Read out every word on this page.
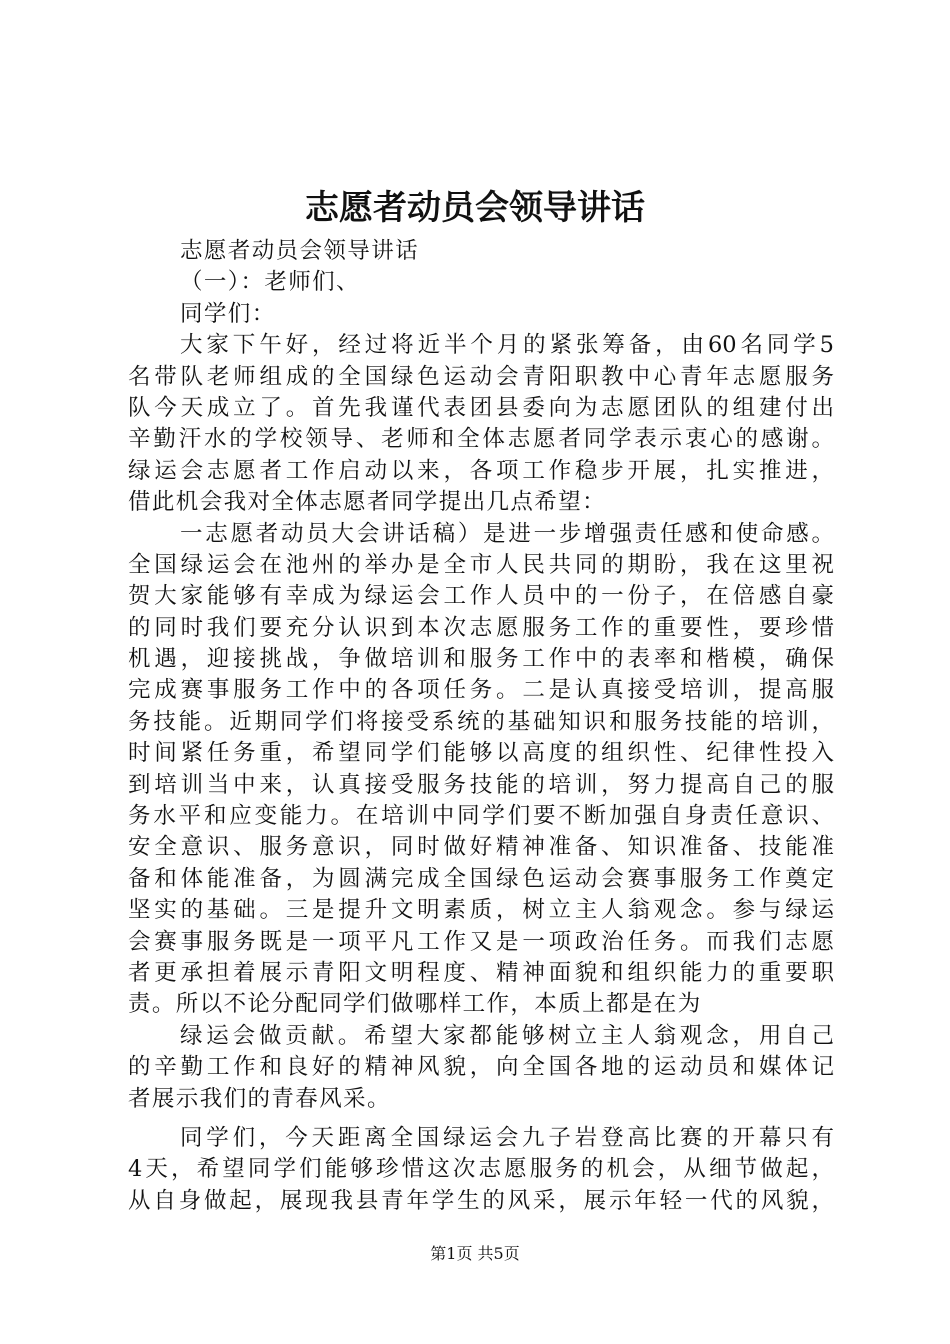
志愿者动员会领导讲话
志愿者动员会领导讲话
（一）：老师们、
同学们：
大家下午好，经过将近半个月的紧张筹备，由60名同学5
名带队老师组成的全国绿色运动会青阳职教中心青年志愿服务
队今天成立了。首先我谨代表团县委向为志愿团队的组建付出
辛勤汗水的学校领导、老师和全体志愿者同学表示衷心的感谢。
绿运会志愿者工作启动以来，各项工作稳步开展，扎实推进，
借此机会我对全体志愿者同学提出几点希望：
一志愿者动员大会讲话稿）是进一步增强责任感和使命感。
全国绿运会在池州的举办是全市人民共同的期盼，我在这里祝
贺大家能够有幸成为绿运会工作人员中的一份子，在倍感自豪
的同时我们要充分认识到本次志愿服务工作的重要性，要珍惜
机遇，迎接挑战，争做培训和服务工作中的表率和楷模，确保
完成赛事服务工作中的各项任务。二是认真接受培训，提高服
务技能。近期同学们将接受系统的基础知识和服务技能的培训，
时间紧任务重，希望同学们能够以高度的组织性、纪律性投入
到培训当中来，认真接受服务技能的培训，努力提高自己的服
务水平和应变能力。在培训中同学们要不断加强自身责任意识、
安全意识、服务意识，同时做好精神准备、知识准备、技能准
备和体能准备，为圆满完成全国绿色运动会赛事服务工作奠定
坚实的基础。三是提升文明素质，树立主人翁观念。参与绿运
会赛事服务既是一项平凡工作又是一项政治任务。而我们志愿
者更承担着展示青阳文明程度、精神面貌和组织能力的重要职
责。所以不论分配同学们做哪样工作，本质上都是在为
绿运会做贡献。希望大家都能够树立主人翁观念，用自己
的辛勤工作和良好的精神风貌，向全国各地的运动员和媒体记
者展示我们的青春风采。
同学们，今天距离全国绿运会九子岩登高比赛的开幕只有
4天，希望同学们能够珍惜这次志愿服务的机会，从细节做起，
从自身做起，展现我县青年学生的风采，展示年轻一代的风貌，
第1页 共5页
